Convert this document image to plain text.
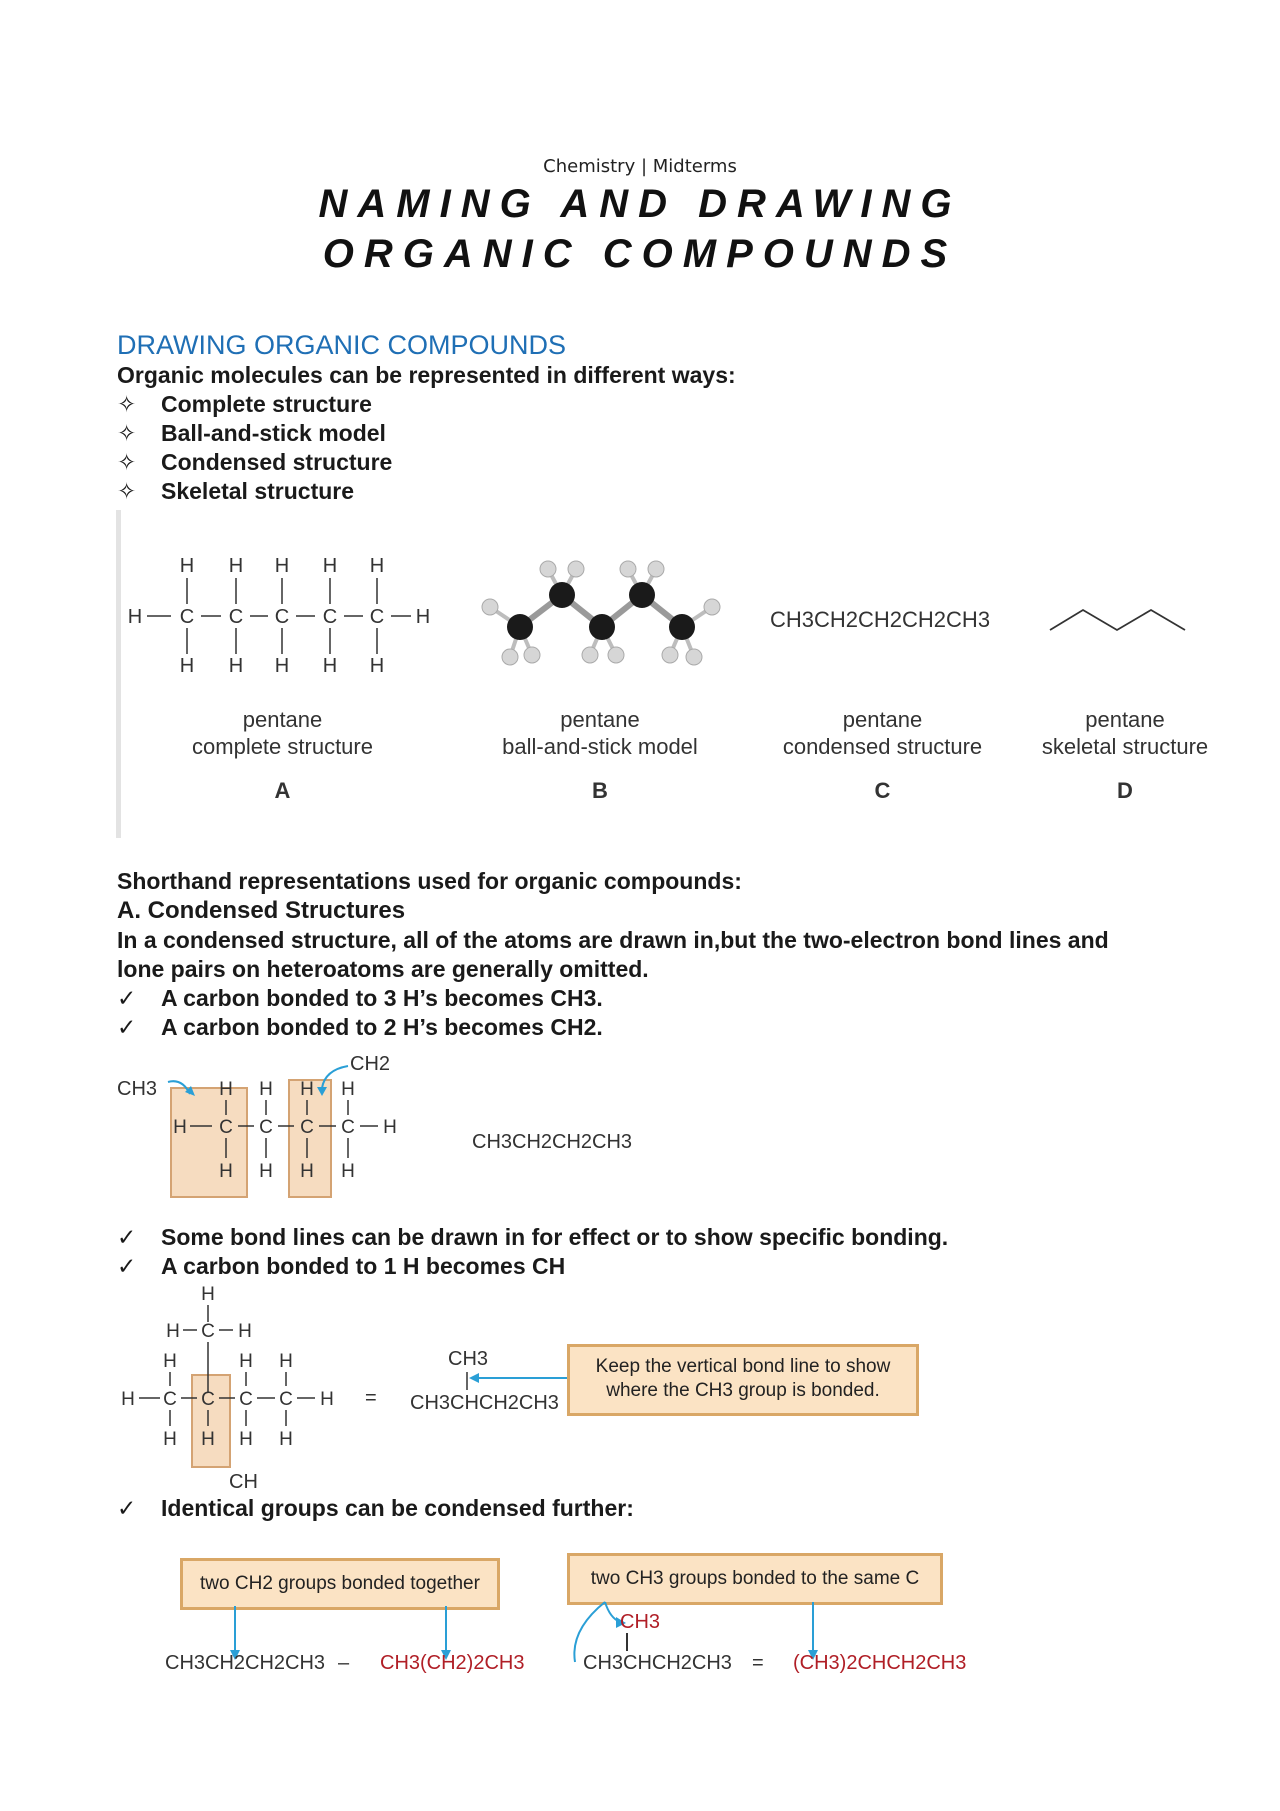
Chemistry | Midterms
NAMING AND DRAWING
ORGANIC COMPOUNDS
DRAWING ORGANIC COMPOUNDS
Organic molecules can be represented in different ways:
✧ Complete structure
✧ Ball-and-stick model
✧ Condensed structure
✧ Skeletal structure
H C
H
H
C
H
H
C
H
H
C
H
H
C
H
H
H	CH3CH2CH2CH2CH3
pentane
complete structure
A
pentane
ball-and-stick model
B
pentane
condensed structure
C
pentane
skeletal structure
D
Shorthand representations used for organic compounds:
A. Condensed Structures
In a condensed structure, all of the atoms are drawn in,but the two-electron bond lines and
lone pairs on heteroatoms are generally omitted.
✓ A carbon bonded to 3 H’s becomes CH3.
✓ A carbon bonded to 2 H’s becomes CH2.
CH3
CH2
H C
H
H
C
H
H
C
H
H
C
H
H
H
CH3CH2CH2CH3
✓ Some bond lines can be drawn in for effect or to show specific bonding.
✓ A carbon bonded to 1 H becomes CH
H
H C H
H C
H
H
C
H
C
H
H
C
H
H
H
CH
=
CH3
CH3CHCH2CH3
Keep the vertical bond line to show
where the CH3 group is bonded.
✓ Identical groups can be condensed further:
two CH2 groups bonded together	two CH3 groups bonded to the same C
CH3CH2CH2CH3 – CH3(CH2)2CH3
CH3
CH3CHCH2CH3 = (CH3)2CHCH2CH3
